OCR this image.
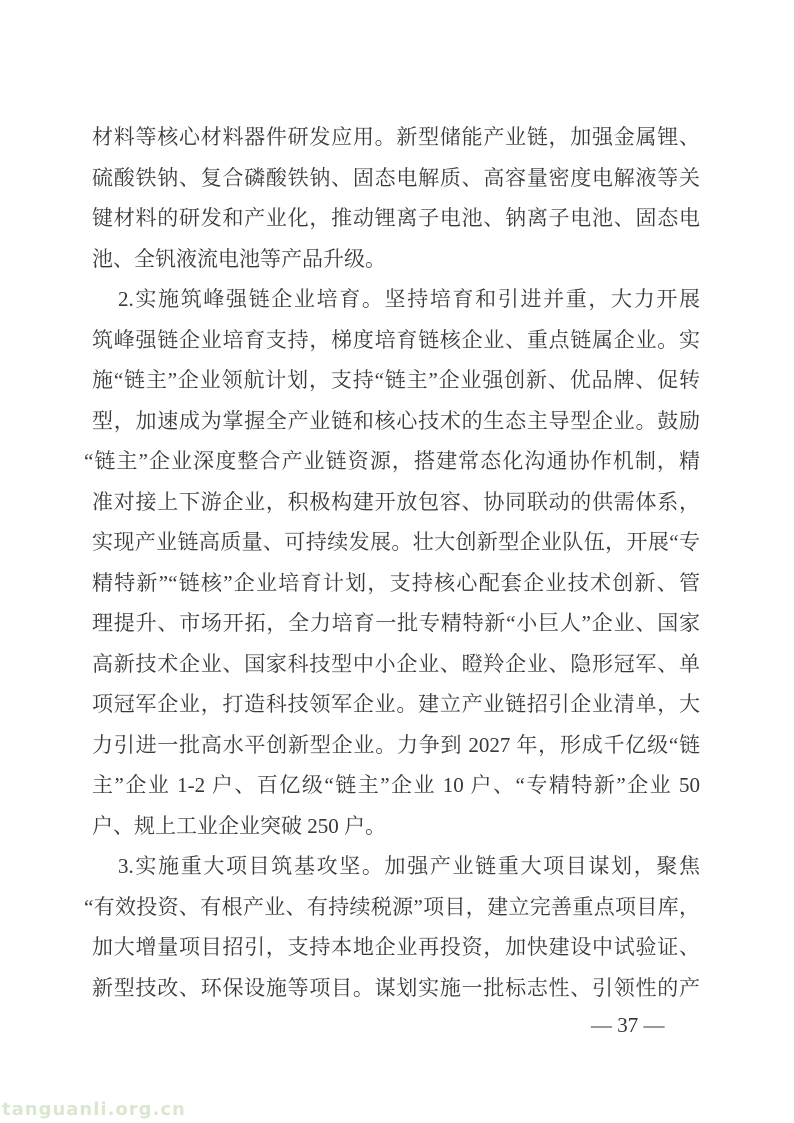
材料等核心材料器件研发应用。新型储能产业链，加强金属锂、
硫酸铁钠、复合磷酸铁钠、固态电解质、高容量密度电解液等关
键材料的研发和产业化，推动锂离子电池、钠离子电池、固态电
池、全钒液流电池等产品升级。
2.实施筑峰强链企业培育。坚持培育和引进并重，大力开展
筑峰强链企业培育支持，梯度培育链核企业、重点链属企业。实
施“链主”企业领航计划，支持“链主”企业强创新、优品牌、促转
型，加速成为掌握全产业链和核心技术的生态主导型企业。鼓励
“链主”企业深度整合产业链资源，搭建常态化沟通协作机制，精
准对接上下游企业，积极构建开放包容、协同联动的供需体系，
实现产业链高质量、可持续发展。壮大创新型企业队伍，开展“专
精特新”“链核”企业培育计划，支持核心配套企业技术创新、管
理提升、市场开拓，全力培育一批专精特新“小巨人”企业、国家
高新技术企业、国家科技型中小企业、瞪羚企业、隐形冠军、单
项冠军企业，打造科技领军企业。建立产业链招引企业清单，大
力引进一批高水平创新型企业。力争到 2027 年，形成千亿级“链
主”企业 1-2 户、百亿级“链主”企业 10 户、“专精特新”企业 50
户、规上工业企业突破 250 户。
3.实施重大项目筑基攻坚。加强产业链重大项目谋划，聚焦
“有效投资、有根产业、有持续税源”项目，建立完善重点项目库，
加大增量项目招引，支持本地企业再投资，加快建设中试验证、
新型技改、环保设施等项目。谋划实施一批标志性、引领性的产
— 37 —
tanguanli.org.cn
